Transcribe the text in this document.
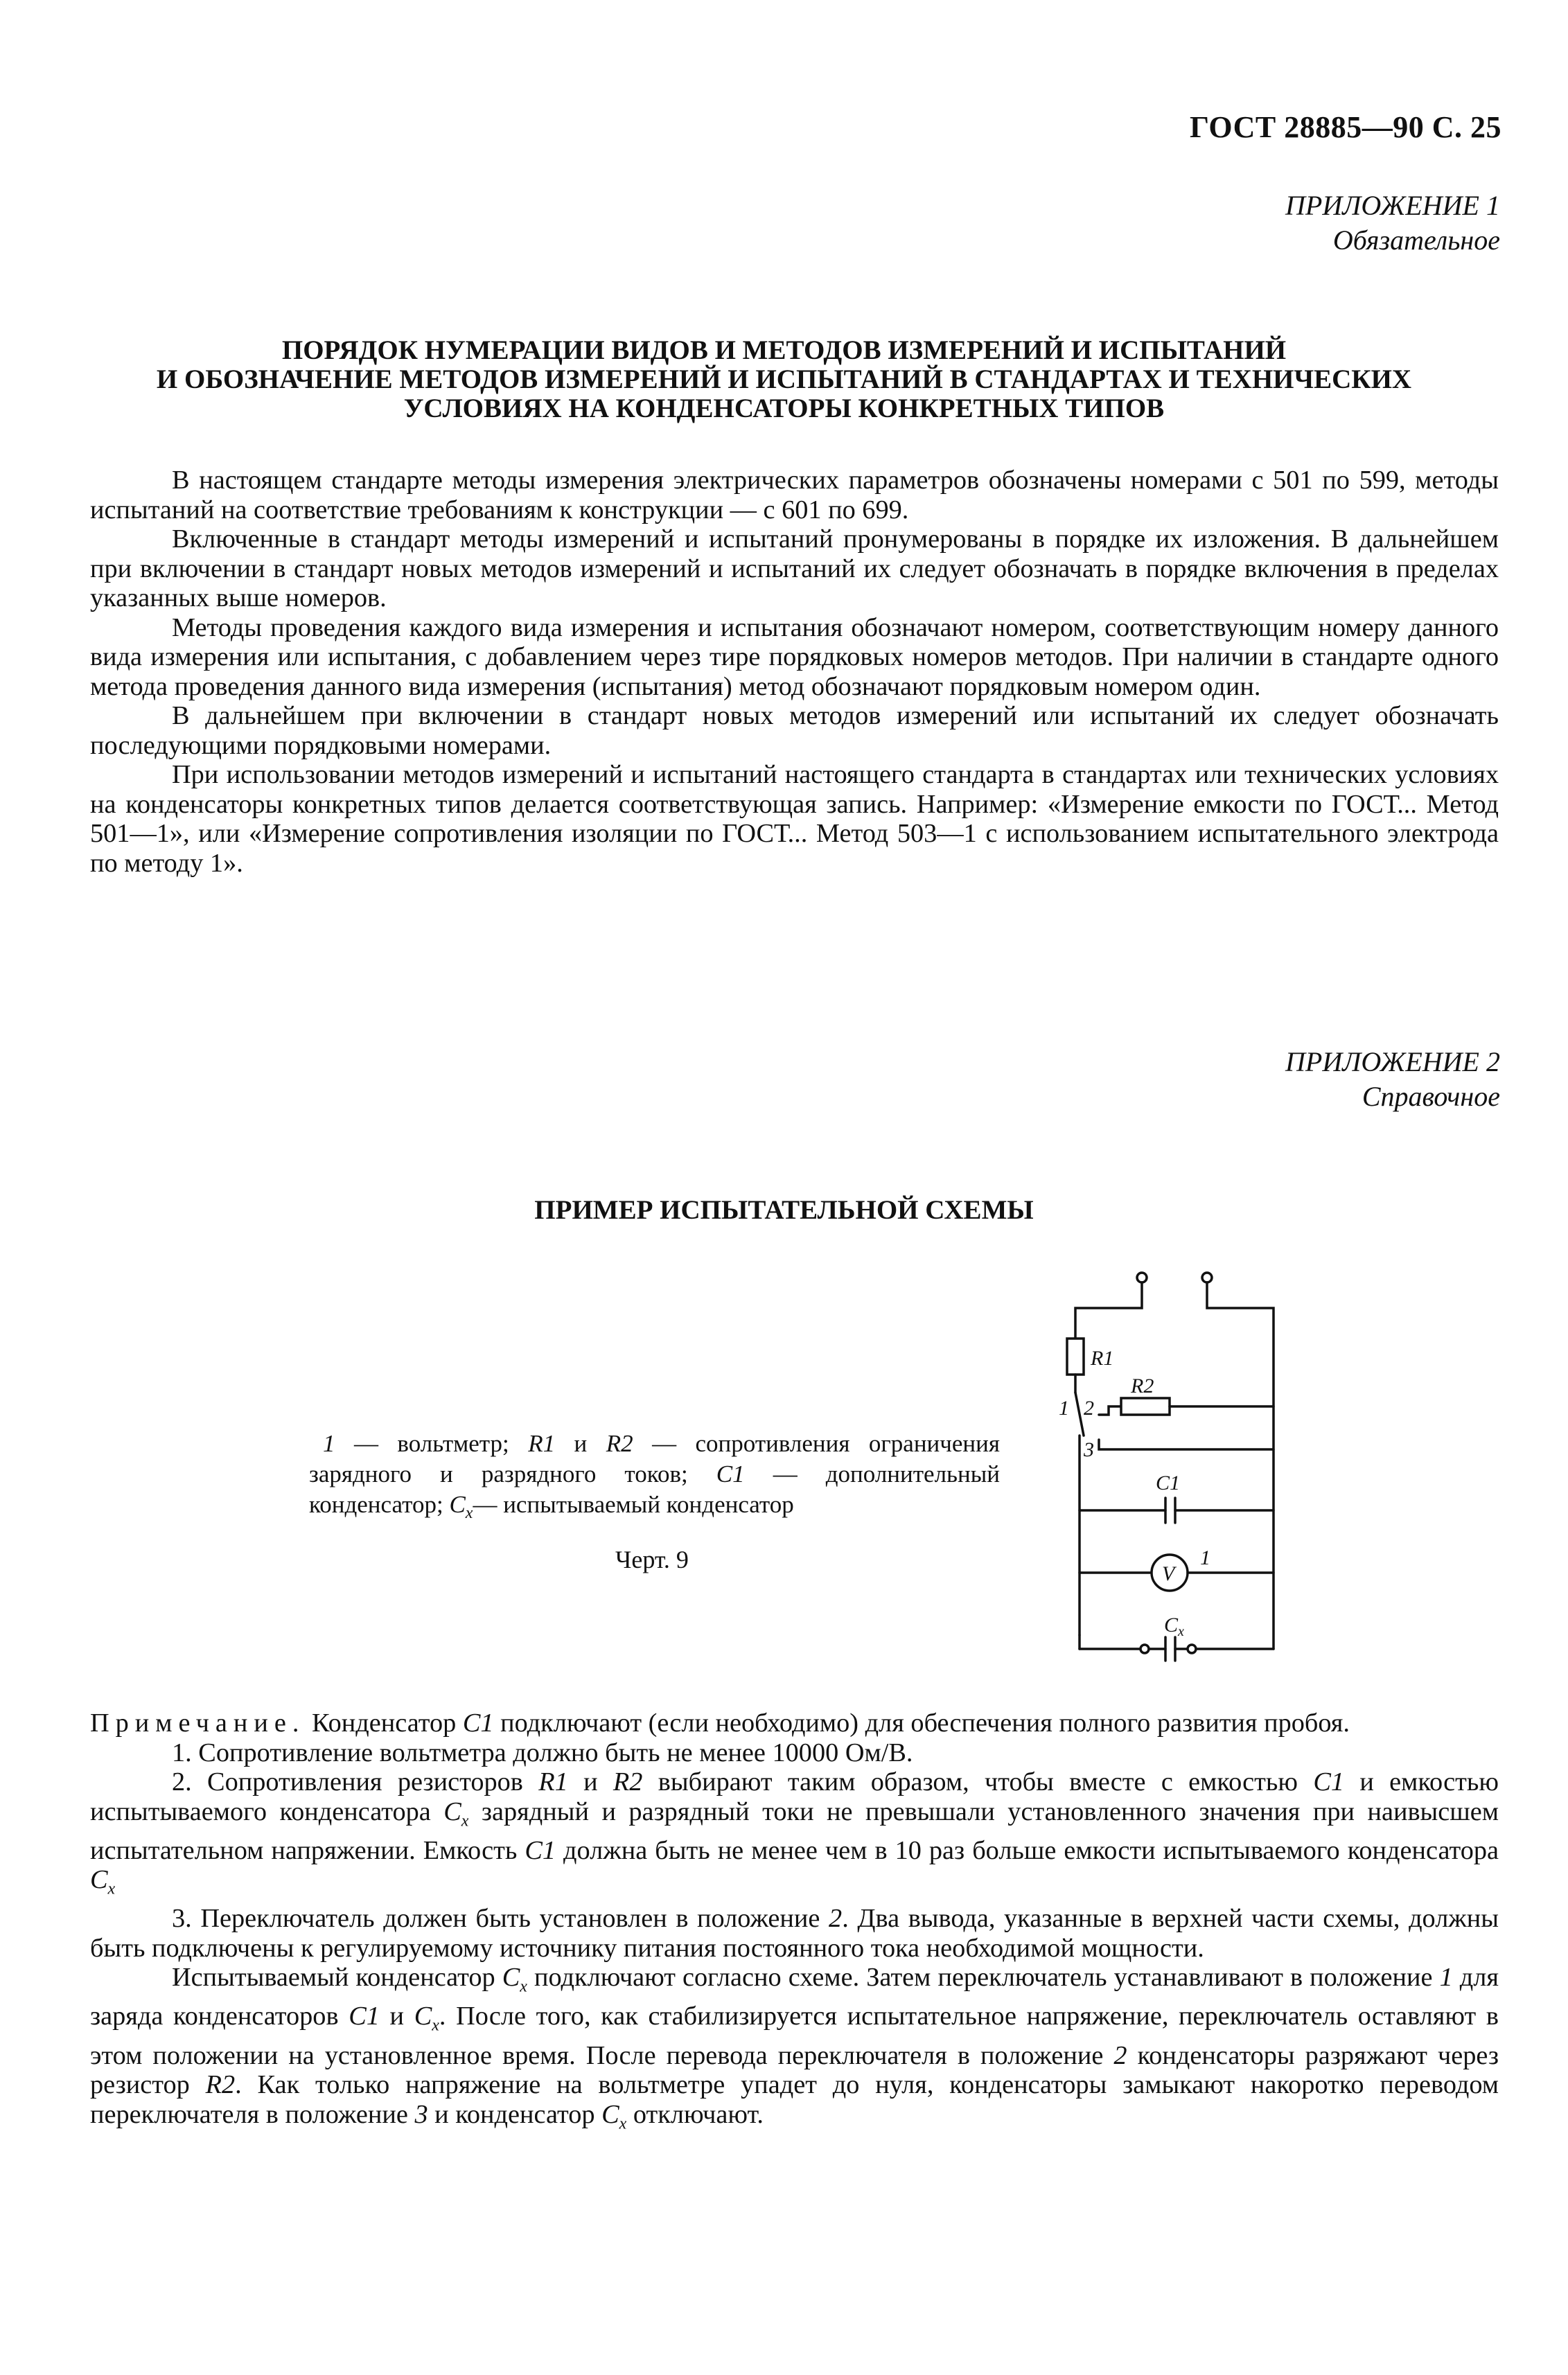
ГОСТ 28885—90 С. 25
ПРИЛОЖЕНИЕ 1
Обязательное
ПОРЯДОК НУМЕРАЦИИ ВИДОВ И МЕТОДОВ ИЗМЕРЕНИЙ И ИСПЫТАНИЙ
И ОБОЗНАЧЕНИЕ МЕТОДОВ ИЗМЕРЕНИЙ И ИСПЫТАНИЙ В СТАНДАРТАХ И ТЕХНИЧЕСКИХ
УСЛОВИЯХ НА КОНДЕНСАТОРЫ КОНКРЕТНЫХ ТИПОВ

В настоящем стандарте методы измерения электрических параметров обозначены номерами с 501 по 599, методы испытаний на соответствие требованиям к конструкции — с 601 по 699.

Включенные в стандарт методы измерений и испытаний пронумерованы в порядке их изложения. В дальнейшем при включении в стандарт новых методов измерений и испытаний их следует обозначать в порядке включения в пределах указанных выше номеров.

Методы проведения каждого вида измерения и испытания обозначают номером, соответствующим номеру данного вида измерения или испытания, с добавлением через тире порядковых номеров методов. При наличии в стандарте одного метода проведения данного вида измерения (испытания) метод обозначают порядковым номером один.

В дальнейшем при включении в стандарт новых методов измерений или испытаний их следует обозначать последующими порядковыми номерами.

При использовании методов измерений и испытаний настоящего стандарта в стандартах или технических условиях на конденсаторы конкретных типов делается соответствующая запись. Например: «Измерение емкости по ГОСТ... Метод 501—1», или «Измерение сопротивления изоляции по ГОСТ... Метод 503—1 с использованием испытательного электрода по методу 1».

ПРИЛОЖЕНИЕ 2
Справочное
ПРИМЕР ИСПЫТАТЕЛЬНОЙ СХЕМЫ
1 — вольтметр; R1 и R2 — сопротивления ограничения зарядного и разрядного токов; C1 — дополнительный конденсатор; $C_x—$ испытываемый конденсатор
Черт. 9
R1
R2
1 2
3
C1
V
1
$C_x$

Примечание. Конденсатор C1 подключают (если необходимо) для обеспечения полного развития пробоя.

1. Сопротивление вольтметра должно быть не менее 10000 Ом/В.

2. Сопротивления резисторов R1 и R2 выбирают таким образом, чтобы вместе с емкостью C1 и емкостью испытываемого конденсатора $C_x$ зарядный и разрядный токи не превышали установленного значения при наивысшем испытательном напряжении. Емкость C1 должна быть не менее чем в 10 раз больше емкости испытываемого конденсатора $C_x$

3. Переключатель должен быть установлен в положение 2. Два вывода, указанные в верхней части схемы, должны быть подключены к регулируемому источнику питания постоянного тока необходимой мощности.

Испытываемый конденсатор $C_x$ подключают согласно схеме. Затем переключатель устанавливают в положение 1 для заряда конденсаторов C1 и $C_x$. После того, как стабилизируется испытательное напряжение, переключатель оставляют в этом положении на установленное время. После перевода переключателя в положение 2 конденсаторы разряжают через резистор R2. Как только напряжение на вольтметре упадет до нуля, конденсаторы замыкают накоротко переводом переключателя в положение 3 и конденсатор $C_x$ отключают.
